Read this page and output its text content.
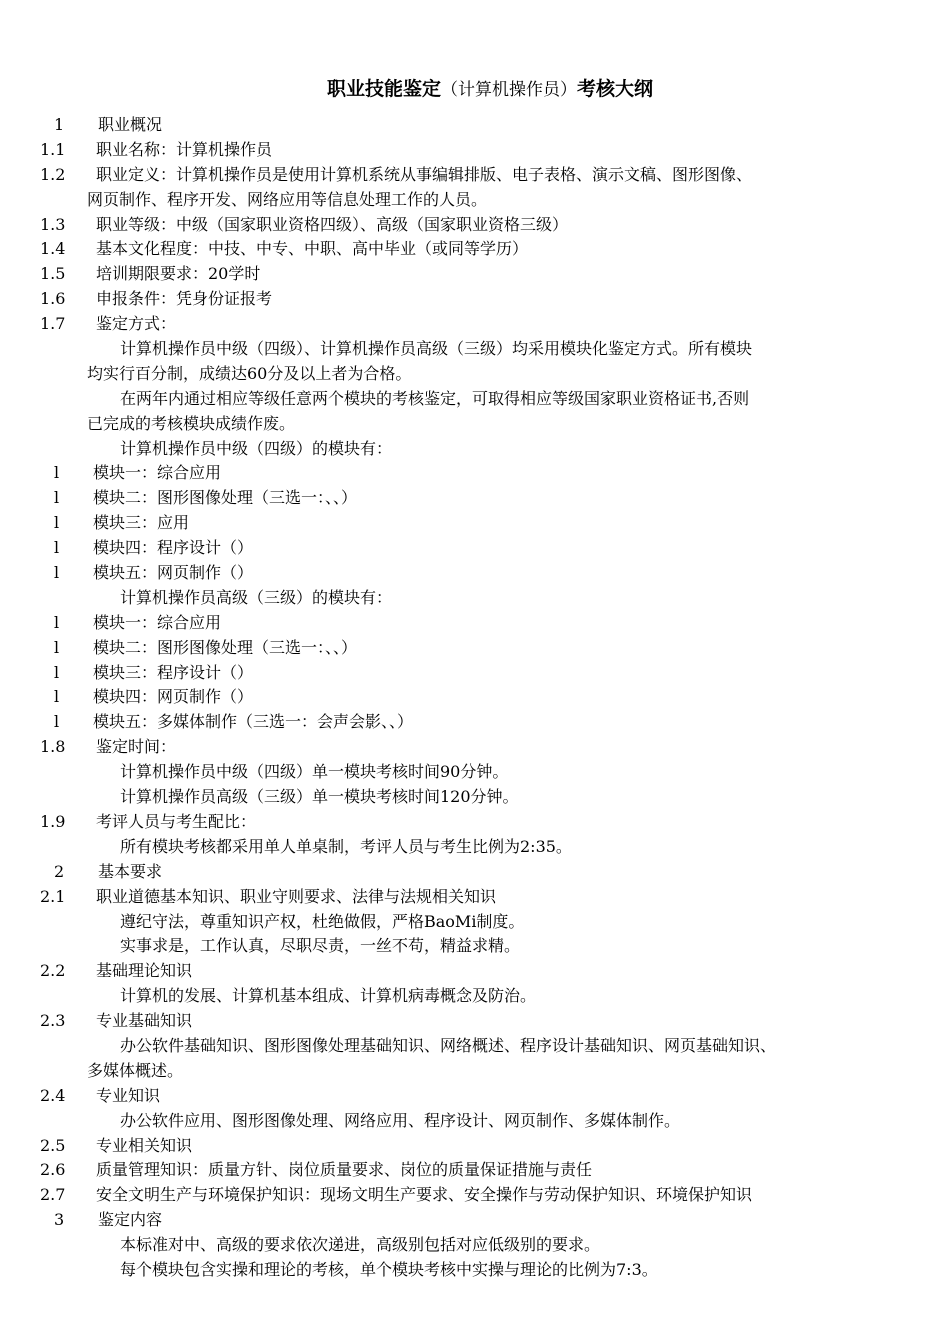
职业技能鉴定（计算机操作员）考核大纲
1	职业概况
1.1	职业名称：计算机操作员
1.2	职业定义：计算机操作员是使用计算机系统从事编辑排版、电子表格、演示文稿、图形图像、
网页制作、程序开发、网络应用等信息处理工作的人员。
1.3	职业等级：中级（国家职业资格四级）、高级（国家职业资格三级）
1.4	基本文化程度：中技、中专、中职、高中毕业（或同等学历）
1.5	培训期限要求：20学时
1.6	申报条件：凭身份证报考
1.7	鉴定方式：
计算机操作员中级（四级）、计算机操作员高级（三级）均采用模块化鉴定方式。所有模块
均实行百分制，成绩达60分及以上者为合格。
在两年内通过相应等级任意两个模块的考核鉴定，可取得相应等级国家职业资格证书,否则
已完成的考核模块成绩作废。
计算机操作员中级（四级）的模块有：
l	模块一：综合应用
l	模块二：图形图像处理（三选一：、、）
l	模块三：应用
l	模块四：程序设计（）
l	模块五：网页制作（）
计算机操作员高级（三级）的模块有：
l	模块一：综合应用
l	模块二：图形图像处理（三选一：、、）
l	模块三：程序设计（）
l	模块四：网页制作（）
l	模块五：多媒体制作（三选一：会声会影、、）
1.8	鉴定时间：
计算机操作员中级（四级）单一模块考核时间90分钟。
计算机操作员高级（三级）单一模块考核时间120分钟。
1.9	考评人员与考生配比：
所有模块考核都采用单人单桌制，考评人员与考生比例为2:35。
2	基本要求
2.1	职业道德基本知识、职业守则要求、法律与法规相关知识
遵纪守法，尊重知识产权，杜绝做假，严格BaoMi制度。
实事求是，工作认真，尽职尽责，一丝不苟，精益求精。
2.2	基础理论知识
计算机的发展、计算机基本组成、计算机病毒概念及防治。
2.3	专业基础知识
办公软件基础知识、图形图像处理基础知识、网络概述、程序设计基础知识、网页基础知识、
多媒体概述。
2.4	专业知识
办公软件应用、图形图像处理、网络应用、程序设计、网页制作、多媒体制作。
2.5	专业相关知识
2.6	质量管理知识：质量方针、岗位质量要求、岗位的质量保证措施与责任
2.7	安全文明生产与环境保护知识：现场文明生产要求、安全操作与劳动保护知识、环境保护知识
3	鉴定内容
本标准对中、高级的要求依次递进，高级别包括对应低级别的要求。
每个模块包含实操和理论的考核，单个模块考核中实操与理论的比例为7:3。
